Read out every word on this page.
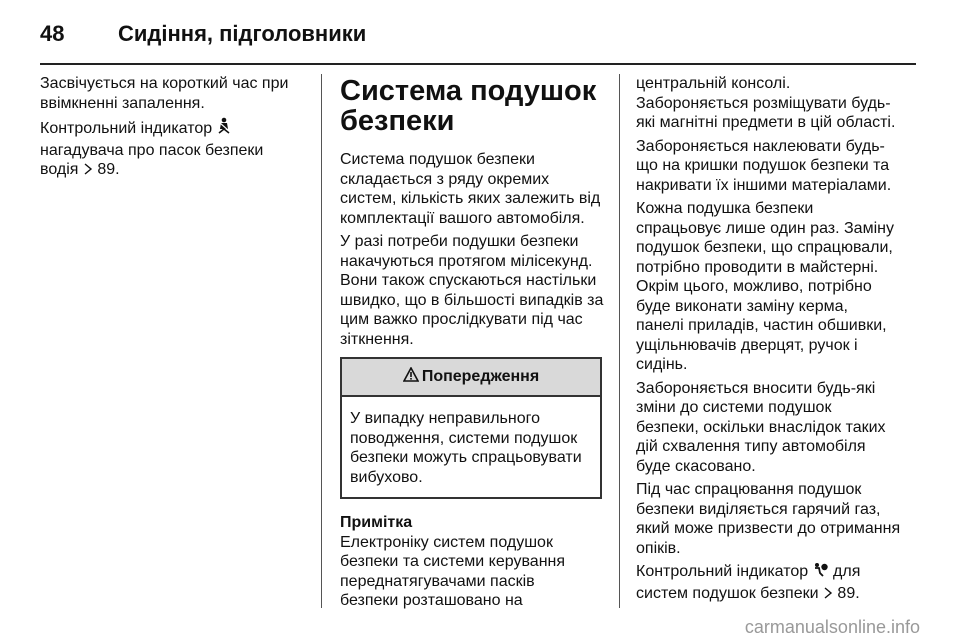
48	Сидіння, підголовники

Засвічується на короткий час при
ввімкненні запалення.

Контрольний індикатор
нагадувача про пасок безпеки
водія  89.

Система подушок
безпеки

Система подушок безпеки
складається з ряду окремих
систем, кількість яких залежить від
комплектації вашого автомобіля.

У разі потреби подушки безпеки
накачуються протягом мілісекунд.
Вони також спускаються настільки
швидко, що в більшості випадків за
цим важко прослідкувати під час
зіткнення.

Попередження
У випадку неправильного
поводження, системи подушок
безпеки можуть спрацьовувати
вибухово.
Примітка

Електроніку систем подушок
безпеки та системи керування
переднатягувачами пасків
безпеки розташовано на

центральній консолі.
Забороняється розміщувати будь-
які магнітні предмети в цій області.

Забороняється наклеювати будь-
що на кришки подушок безпеки та
накривати їх іншими матеріалами.

Кожна подушка безпеки
спрацьовує лише один раз. Заміну
подушок безпеки, що спрацювали,
потрібно проводити в майстерні.
Окрім цього, можливо, потрібно
буде виконати заміну керма,
панелі приладів, частин обшивки,
ущільнювачів дверцят, ручок і
сидінь.

Забороняється вносити будь-які
зміни до системи подушок
безпеки, оскільки внаслідок таких
дій схвалення типу автомобіля
буде скасовано.

Під час спрацювання подушок
безпеки виділяється гарячий газ,
який може призвести до отримання
опіків.

Контрольний індикатор  для
систем подушок безпеки  89.

carmanualsonline.info
